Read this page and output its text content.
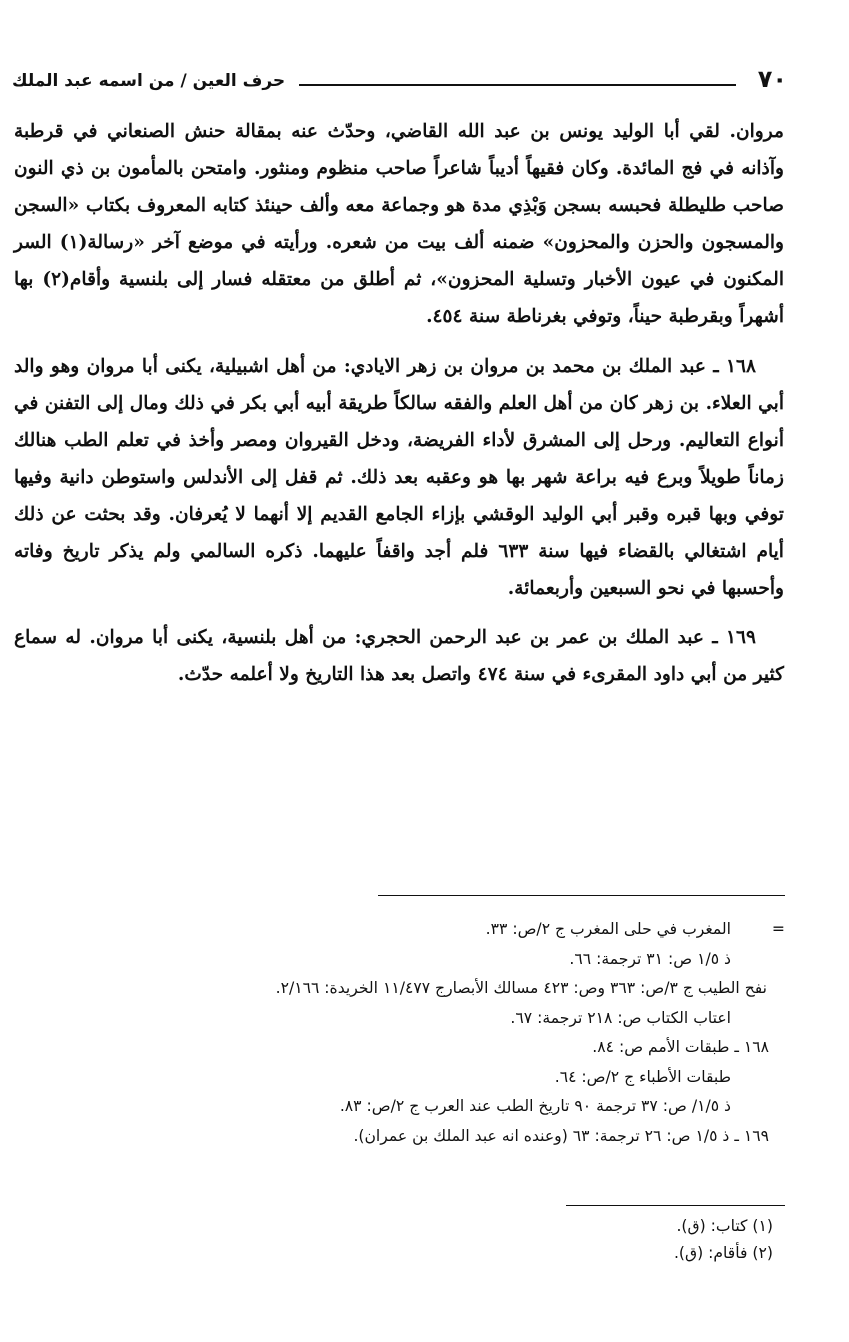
٧٠
حرف العين / من اسمه عبد الملك

مروان. لقي أبا الوليد يونس بن عبد الله القاضي، وحدّث عنه بمقالة حنش الصنعاني في قرطبة وآذانه في فج المائدة. وكان فقيهاً أديباً شاعراً صاحب منظوم ومنثور. وامتحن بالمأمون بن ذي النون صاحب طليطلة فحبسه بسجن وَبْذِي مدة هو وجماعة معه وألف حينئذ كتابه المعروف بكتاب «السجن والمسجون والحزن والمحزون» ضمنه ألف بيت من شعره. ورأيته في موضع آخر «رسالة(١) السر المكنون في عيون الأخبار وتسلية المحزون»، ثم أطلق من معتقله فسار إلى بلنسية وأقام(٢) بها أشهراً وبقرطبة حيناً، وتوفي بغرناطة سنة ٤٥٤.

١٦٨ ـ عبد الملك بن محمد بن مروان بن زهر الايادي: من أهل اشبيلية، يكنى أبا مروان وهو والد أبي العلاء. بن زهر كان من أهل العلم والفقه سالكاً طريقة أبيه أبي بكر في ذلك ومال إلى التفنن في أنواع التعاليم. ورحل إلى المشرق لأداء الفريضة، ودخل القيروان ومصر وأخذ في تعلم الطب هنالك زماناً طويلاً وبرع فيه براعة شهر بها هو وعقبه بعد ذلك. ثم قفل إلى الأندلس واستوطن دانية وفيها توفي وبها قبره وقبر أبي الوليد الوقشي بإزاء الجامع القديم إلا أنهما لا يُعرفان. وقد بحثت عن ذلك أيام اشتغالي بالقضاء فيها سنة ٦٣٣ فلم أجد واقفاً عليهما. ذكره السالمي ولم يذكر تاريخ وفاته وأحسبها في نحو السبعين وأربعمائة.

١٦٩ ـ عبد الملك بن عمر بن عبد الرحمن الحجري: من أهل بلنسية، يكنى أبا مروان. له سماع كثير من أبي داود المقرىء في سنة ٤٧٤ واتصل بعد هذا التاريخ ولا أعلمه حدّث.

=المغرب في حلى المغرب ج ٢/ص: ٣٣.
ذ ١/٥ ص: ٣١ ترجمة: ٦٦.
نفح الطيب ج ٣/ص: ٣٦٣ وص: ٤٢٣ مسالك الأبصارج ١١/٤٧٧ الخريدة: ٢/١٦٦.
اعتاب الكتاب ص: ٢١٨ ترجمة: ٦٧.
١٦٨ ـ طبقات الأمم ص: ٨٤.
طبقات الأطباء ج ٢/ص: ٦٤.
ذ ١/٥/ ص: ٣٧ ترجمة ٩٠ تاريخ الطب عند العرب ج ٢/ص: ٨٣.
١٦٩ ـ ذ ١/٥ ص: ٢٦ ترجمة: ٦٣ (وعنده انه عبد الملك بن عمران).
(١) كتاب: (ق).
(٢) فأقام: (ق).
